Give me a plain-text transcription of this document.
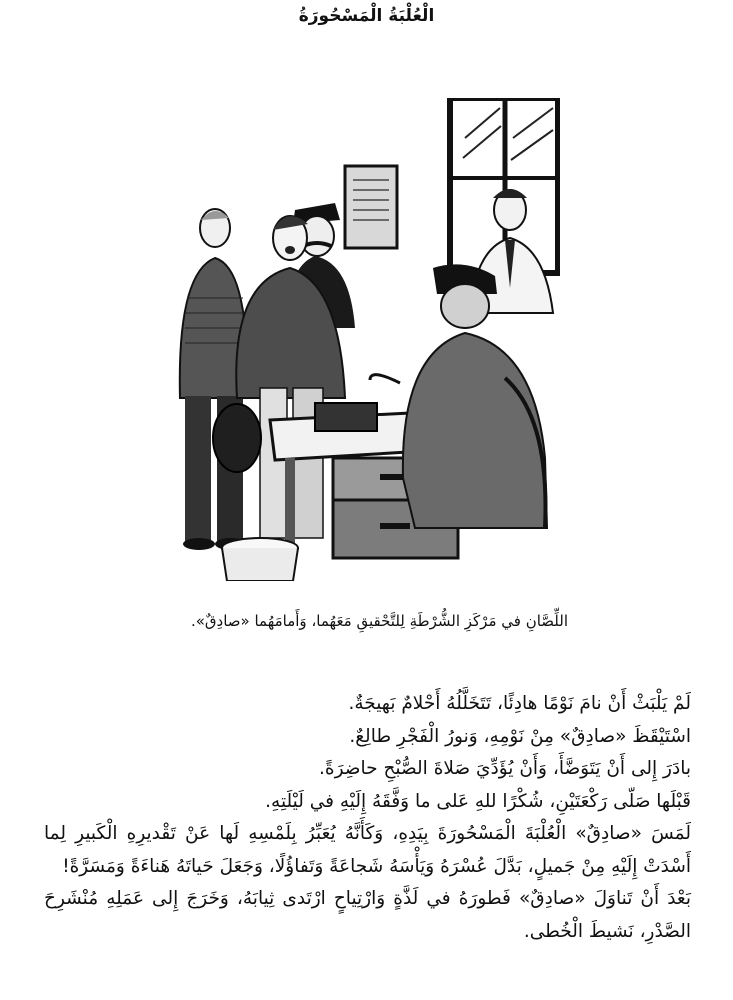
الْعُلْبَةُ الْمَسْحُورَةُ
اللِّصَّانِ في مَرْكَزِ الشُّرْطَةِ لِلتَّحْقيقِ مَعَهُما، وَأَمامَهُما «صادِقٌ».

لَمْ يَلْبَثْ أَنْ نامَ نَوْمًا هادِئًا، تَتَخَلَّلُهُ أَحْلامٌ بَهيجَةٌ.

اسْتَيْقَظَ «صادِقٌ» مِنْ نَوْمِهِ، وَنورُ الْفَجْرِ طالِعٌ.

بادَرَ إِلى أَنْ يَتَوَضَّأَ، وَأَنْ يُؤَدِّيَ صَلاةَ الصُّبْحِ حاضِرَةً.

قَبْلَها صَلّى رَكْعَتَيْنِ، شُكْرًا للهِ عَلى ما وَفَّقَهُ إِلَيْهِ في لَيْلَتِهِ.

لَمَسَ «صادِقٌ» الْعُلْبَةَ الْمَسْحُورَةَ بِيَدِهِ، وَكَأَنَّهُ يُعَبِّرُ بِلَمْسِهِ لَها عَنْ تَقْديرِهِ الْكَبيرِ لِما أَسْدَتْ إِلَيْهِ مِنْ جَميلٍ، بَدَّلَ عُسْرَهُ وَيَأْسَهُ شَجاعَةً وَتَفاؤُلًا، وَجَعَلَ حَياتَهُ هَناءَةً وَمَسَرَّةً!

بَعْدَ أَنْ تَناوَلَ «صادِقٌ» فَطورَهُ في لَذَّةٍ وَارْتِياحٍ ارْتَدى ثِيابَهُ، وَخَرَجَ إِلى عَمَلِهِ مُنْشَرِحَ الصَّدْرِ، نَشيطَ الْخُطى.
